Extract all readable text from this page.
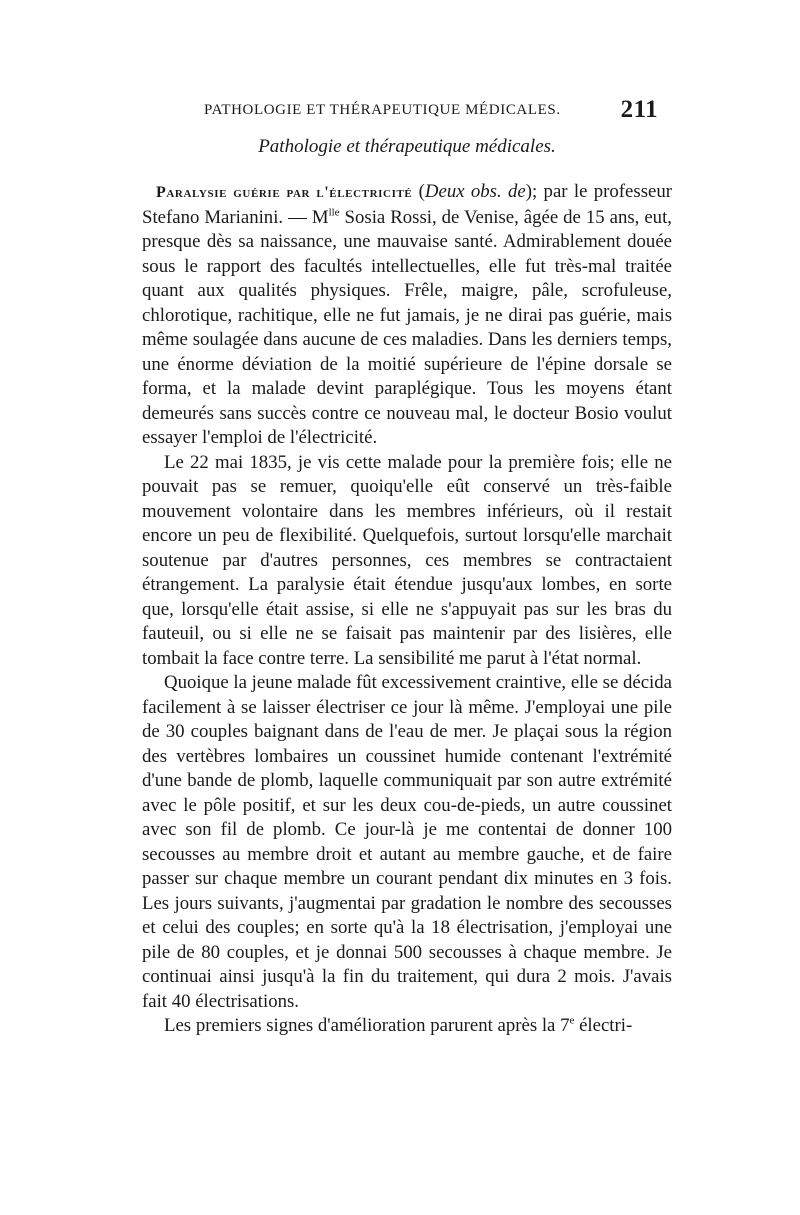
PATHOLOGIE ET THÉRAPEUTIQUE MÉDICALES. 211
Pathologie et thérapeutique médicales.

Paralysie guérie par l'électricité (Deux obs. de); par le professeur Stefano Marianini. — $M^{lle}$ Sosia Rossi, de Venise, âgée de 15 ans, eut, presque dès sa naissance, une mauvaise santé. Admirablement douée sous le rapport des facultés intellectuelles, elle fut très-mal traitée quant aux qualités physiques. Frêle, maigre, pâle, scrofuleuse, chlorotique, rachitique, elle ne fut jamais, je ne dirai pas guérie, mais même soulagée dans aucune de ces maladies. Dans les derniers temps, une énorme déviation de la moitié supérieure de l'épine dorsale se forma, et la malade devint paraplégique. Tous les moyens étant demeurés sans succès contre ce nouveau mal, le docteur Bosio voulut essayer l'emploi de l'électricité.

Le 22 mai 1835, je vis cette malade pour la première fois; elle ne pouvait pas se remuer, quoiqu'elle eût conservé un très-faible mouvement volontaire dans les membres inférieurs, où il restait encore un peu de flexibilité. Quelquefois, surtout lorsqu'elle marchait soutenue par d'autres personnes, ces membres se contractaient étrangement. La paralysie était étendue jusqu'aux lombes, en sorte que, lorsqu'elle était assise, si elle ne s'appuyait pas sur les bras du fauteuil, ou si elle ne se faisait pas maintenir par des lisières, elle tombait la face contre terre. La sensibilité me parut à l'état normal.

Quoique la jeune malade fût excessivement craintive, elle se décida facilement à se laisser électriser ce jour là même. J'employai une pile de 30 couples baignant dans de l'eau de mer. Je plaçai sous la région des vertèbres lombaires un coussinet humide contenant l'extrémité d'une bande de plomb, laquelle communiquait par son autre extrémité avec le pôle positif, et sur les deux cou-de-pieds, un autre coussinet avec son fil de plomb. Ce jour-là je me contentai de donner 100 secousses au membre droit et autant au membre gauche, et de faire passer sur chaque membre un courant pendant dix minutes en 3 fois. Les jours suivants, j'augmentai par gradation le nombre des secousses et celui des couples; en sorte qu'à la 18 électrisation, j'employai une pile de 80 couples, et je donnai 500 secousses à chaque membre. Je continuai ainsi jusqu'à la fin du traitement, qui dura 2 mois. J'avais fait 40 électrisations.

Les premiers signes d'amélioration parurent après la 7e électri-
